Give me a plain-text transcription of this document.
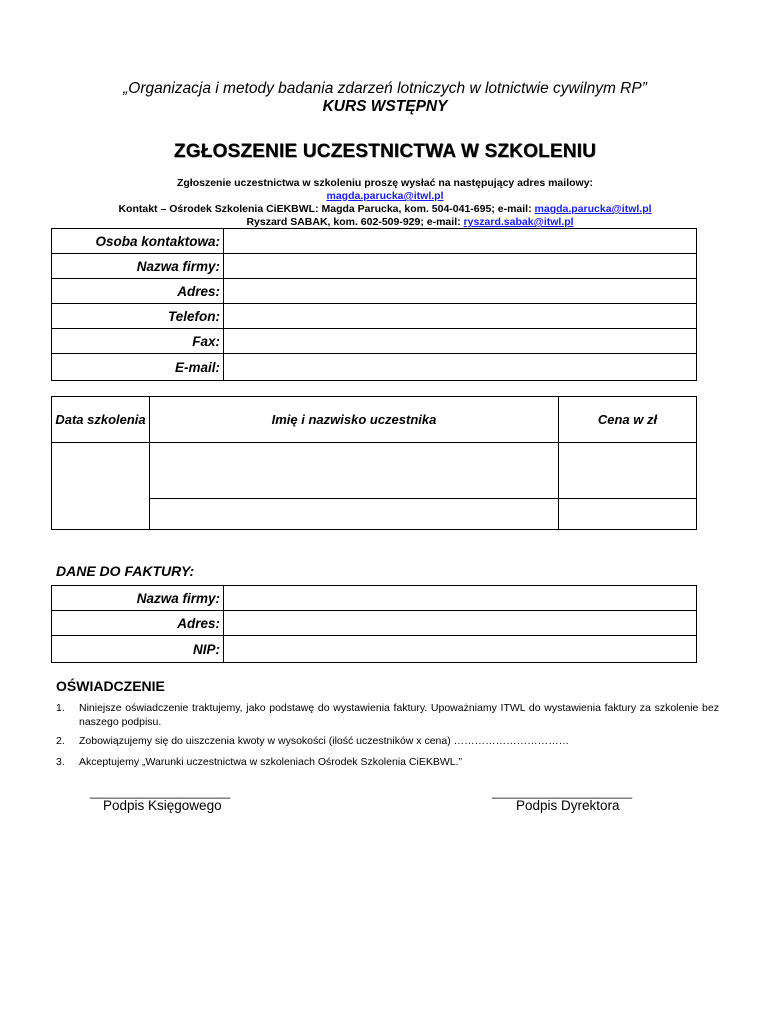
„Organizacja i metody badania zdarzeń lotniczych w lotnictwie cywilnym RP”
KURS WSTĘPNY
ZGŁOSZENIE UCZESTNICTWA W SZKOLENIU
Zgłoszenie uczestnictwa w szkoleniu proszę wysłać na następujący adres mailowy:
magda.parucka@itwl.pl
Kontakt – Ośrodek Szkolenia CiEKBWL: Magda Parucka, kom. 504-041-695; e-mail: magda.parucka@itwl.pl
Ryszard SABAK, kom. 602-509-929; e-mail: ryszard.sabak@itwl.pl
Osoba kontaktowa:	
Nazwa firmy:	
Adres:	
Telefon:	
Fax:	
E-mail:	
Data szkolenia	Imię i nazwisko uczestnika	Cena w zł

DANE DO FAKTURY:
Nazwa firmy:	
Adres:	
NIP:	
OŚWIADCZENIE
1. Niniejsze oświadczenie traktujemy, jako podstawę do wystawienia faktury. Upoważniamy ITWL do wystawienia faktury za szkolenie bez naszego podpisu.
2. Zobowiązujemy się do uiszczenia kwoty w wysokości (ilość uczestników x cena) ……………………………
3. Akceptujemy „Warunki uczestnictwa w szkoleniach Ośrodek Szkolenia CiEKBWL.”
_____________________	_____________________
Podpis Księgowego	Podpis Dyrektora
